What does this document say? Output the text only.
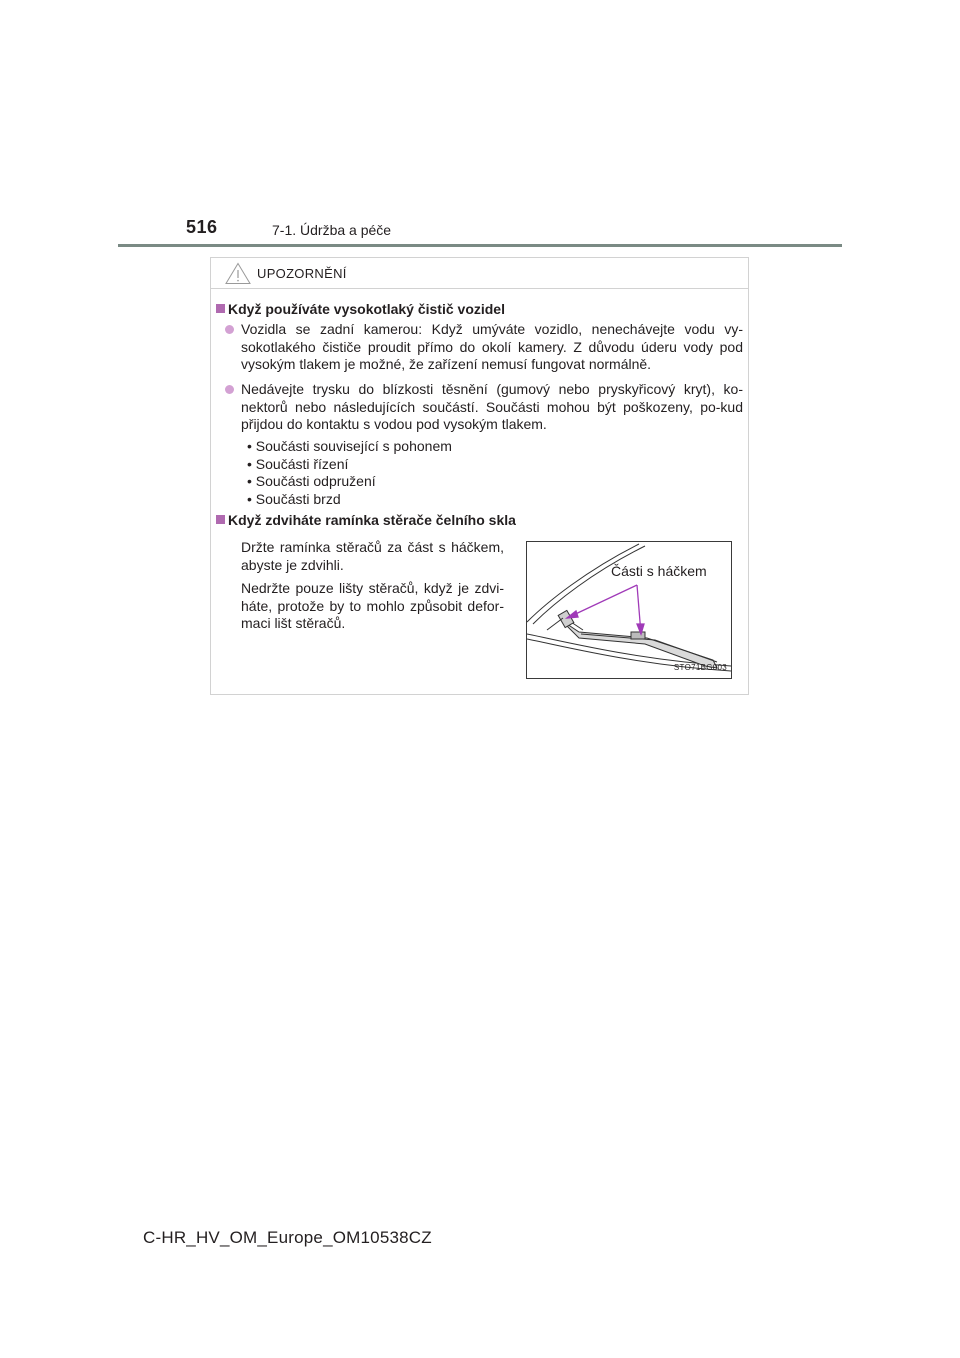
516	7-1. Údržba a péče
UPOZORNĚNÍ
Když používáte vysokotlaký čistič vozidel
Vozidla se zadní kamerou: Když umýváte vozidlo, nenechávejte vodu vy-sokotlakého čističe proudit přímo do okolí kamery. Z důvodu úderu vody pod vysokým tlakem je možné, že zařízení nemusí fungovat normálně.
Nedávejte trysku do blízkosti těsnění (gumový nebo pryskyřicový kryt), ko-nektorů nebo následujících součástí. Součásti mohou být poškozeny, po-kud přijdou do kontaktu s vodou pod vysokým tlakem.
• Součásti související s pohonem
• Součásti řízení
• Součásti odpružení
• Součásti brzd
Když zdviháte ramínka stěrače čelního skla
Držte ramínka stěračů za část s háčkem, abyste je zdvihli.
Nedržte pouze lišty stěračů, když je zdvi-háte, protože by to mohlo způsobit defor-maci lišt stěračů.
Části s háčkem
STO71BG003
C-HR_HV_OM_Europe_OM10538CZ
